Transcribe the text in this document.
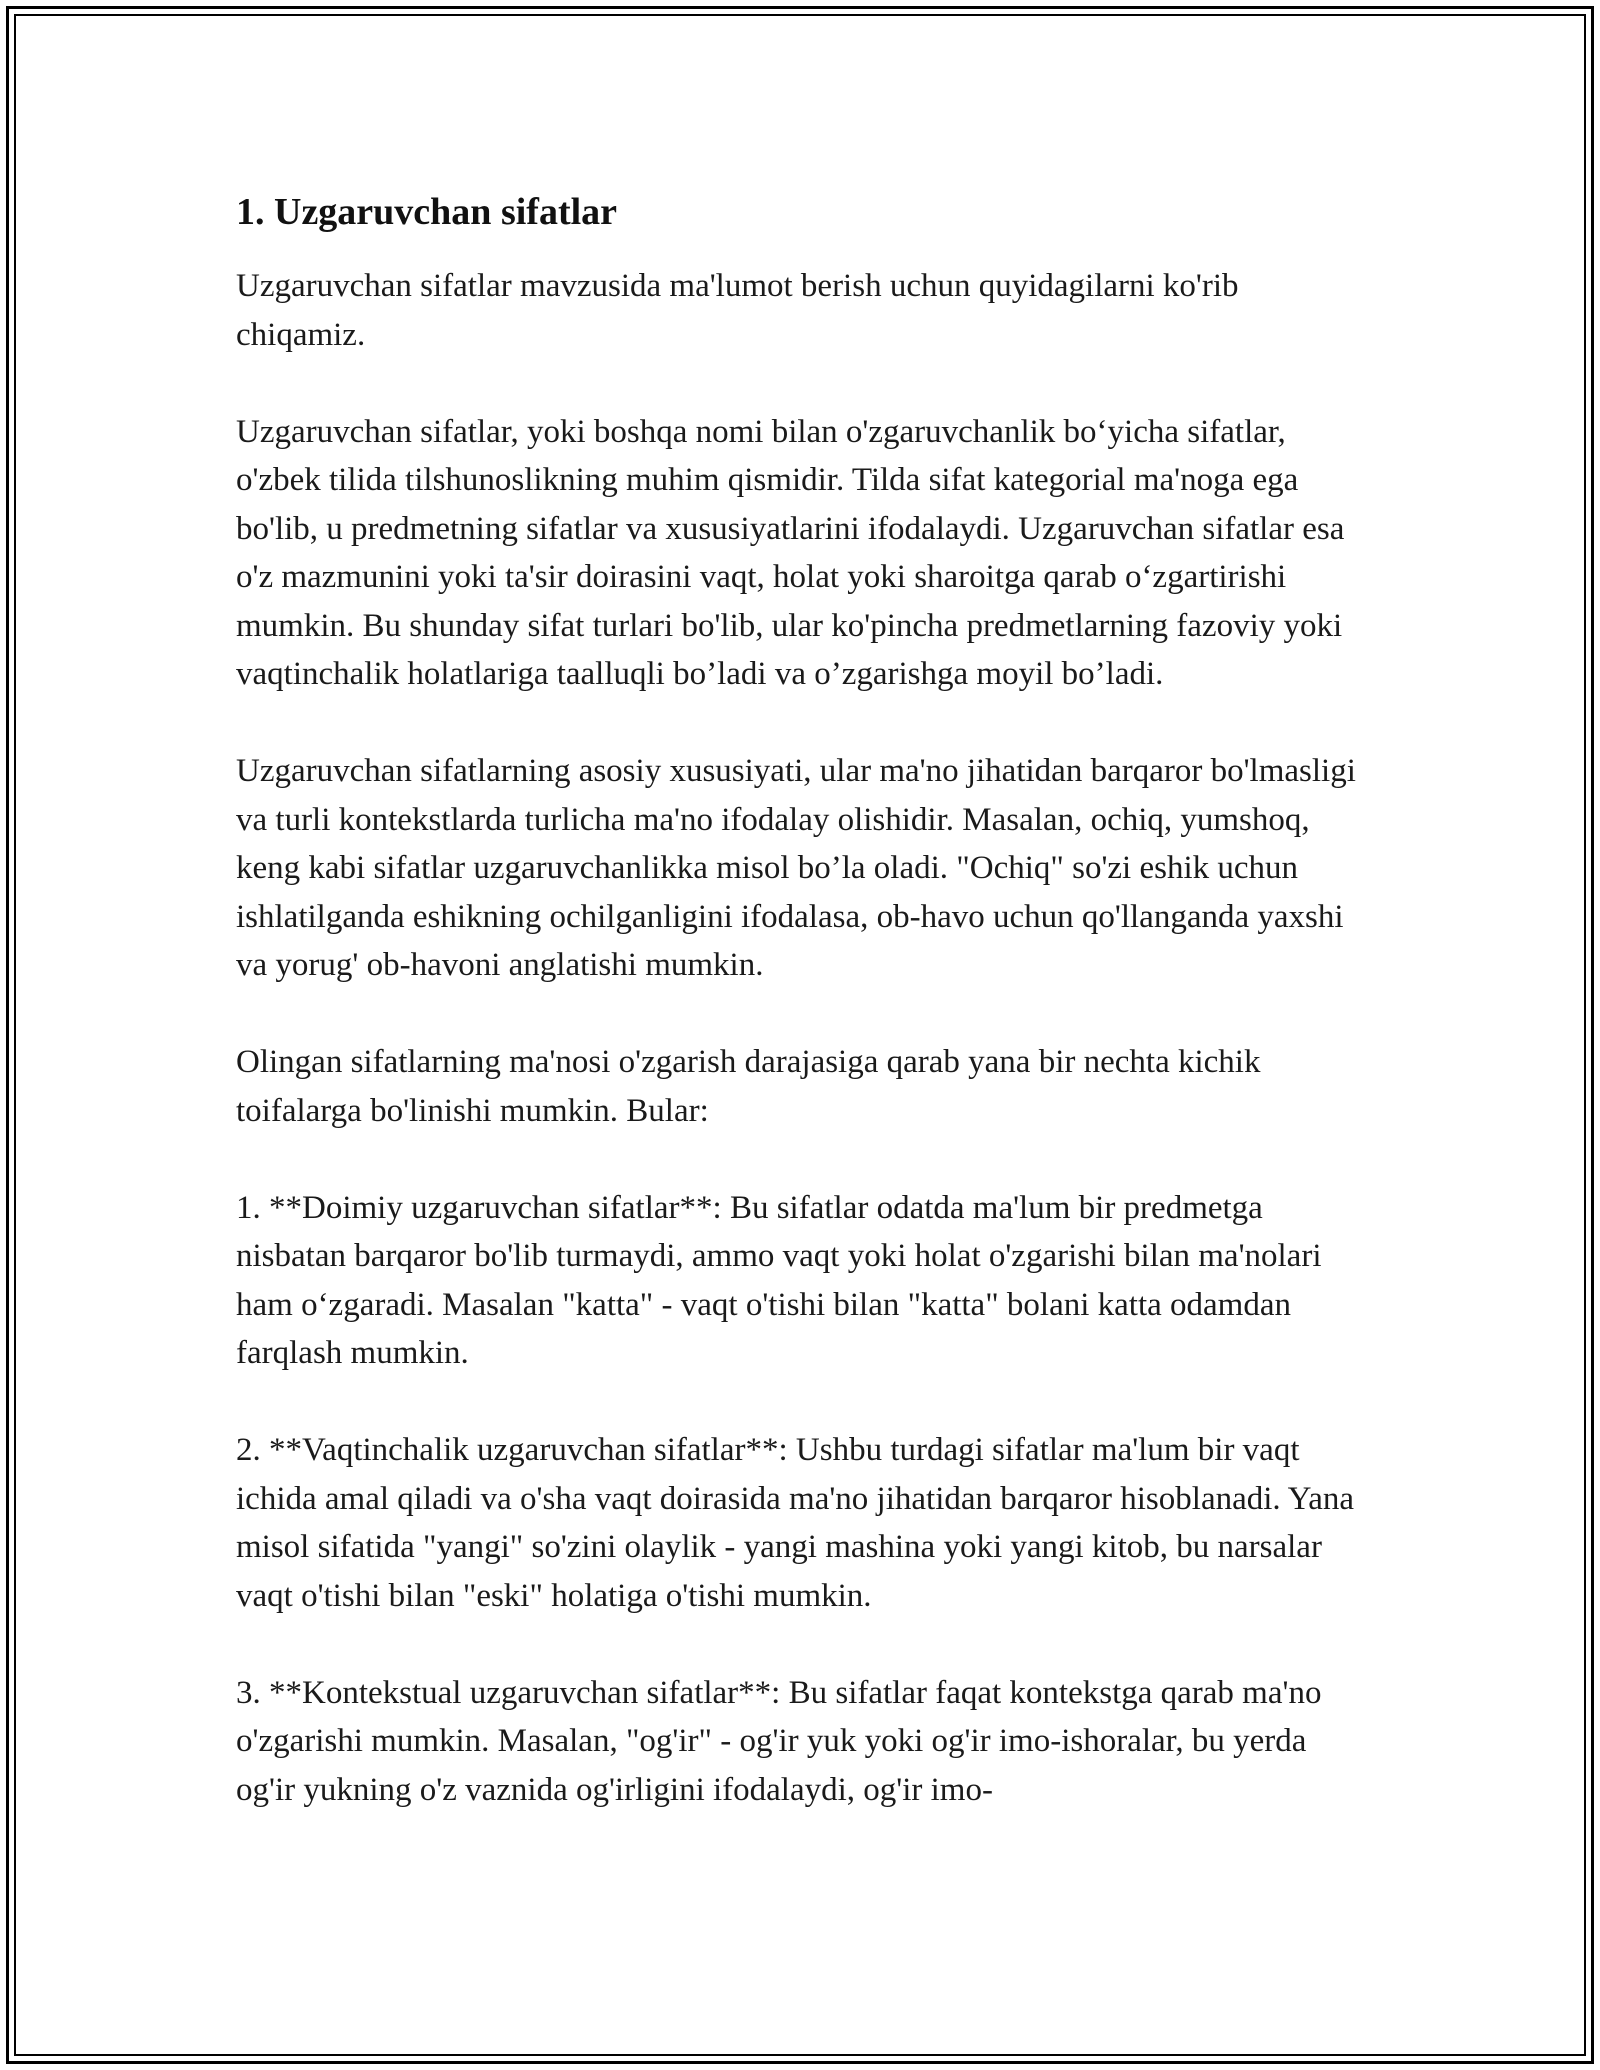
1. Uzgaruvchan sifatlar

Uzgaruvchan sifatlar mavzusida ma'lumot berish uchun quyidagilarni ko'rib chiqamiz.

Uzgaruvchan sifatlar, yoki boshqa nomi bilan o'zgaruvchanlik bo‘yicha sifatlar, o'zbek tilida tilshunoslikning muhim qismidir. Tilda sifat kategorial ma'noga ega bo'lib, u predmetning sifatlar va xususiyatlarini ifodalaydi. Uzgaruvchan sifatlar esa o'z mazmunini yoki ta'sir doirasini vaqt, holat yoki sharoitga qarab o‘zgartirishi mumkin. Bu shunday sifat turlari bo'lib, ular ko'pincha predmetlarning fazoviy yoki vaqtinchalik holatlariga taalluqli bo’ladi va o’zgarishga moyil bo’ladi.

Uzgaruvchan sifatlarning asosiy xususiyati, ular ma'no jihatidan barqaror bo'lmasligi va turli kontekstlarda turlicha ma'no ifodalay olishidir. Masalan, ochiq, yumshoq, keng kabi sifatlar uzgaruvchanlikka misol bo’la oladi. "Ochiq" so'zi eshik uchun ishlatilganda eshikning ochilganligini ifodalasa, ob-havo uchun qo'llanganda yaxshi va yorug' ob-havoni anglatishi mumkin.

Olingan sifatlarning ma'nosi o'zgarish darajasiga qarab yana bir nechta kichik toifalarga bo'linishi mumkin. Bular:

1. **Doimiy uzgaruvchan sifatlar**: Bu sifatlar odatda ma'lum bir predmetga nisbatan barqaror bo'lib turmaydi, ammo vaqt yoki holat o'zgarishi bilan ma'nolari ham o‘zgaradi. Masalan "katta" - vaqt o'tishi bilan "katta" bolani katta odamdan farqlash mumkin.

2. **Vaqtinchalik uzgaruvchan sifatlar**: Ushbu turdagi sifatlar ma'lum bir vaqt ichida amal qiladi va o'sha vaqt doirasida ma'no jihatidan barqaror hisoblanadi. Yana misol sifatida "yangi" so'zini olaylik - yangi mashina yoki yangi kitob, bu narsalar vaqt o'tishi bilan "eski" holatiga o'tishi mumkin.

3. **Kontekstual uzgaruvchan sifatlar**: Bu sifatlar faqat kontekstga qarab ma'no o'zgarishi mumkin. Masalan, "og'ir" - og'ir yuk yoki og'ir imo-ishoralar, bu yerda og'ir yukning o'z vaznida og'irligini ifodalaydi, og'ir imo-
